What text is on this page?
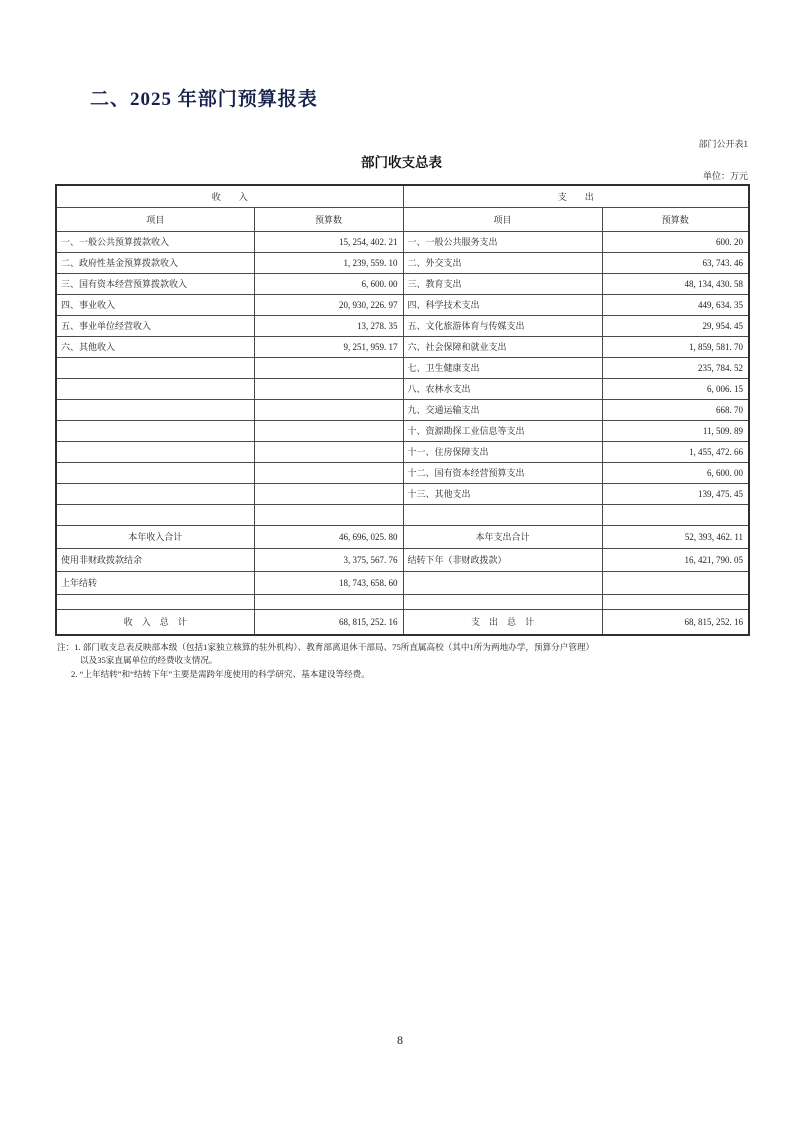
二、2025 年部门预算报表
部门公开表1
部门收支总表
单位：万元
收　　入		支　　出	
项目	预算数	项目	预算数
一、一般公共预算拨款收入	15, 254, 402. 21	一、一般公共服务支出	600. 20
二、政府性基金预算拨款收入	1, 239, 559. 10	二、外交支出	63, 743. 46
三、国有资本经营预算拨款收入	6, 600. 00	三、教育支出	48, 134, 430. 58
四、事业收入	20, 930, 226. 97	四、科学技术支出	449, 634. 35
五、事业单位经营收入	13, 278. 35	五、文化旅游体育与传媒支出	29, 954. 45
六、其他收入	9, 251, 959. 17	六、社会保障和就业支出	1, 859, 581. 70
		七、卫生健康支出	235, 784. 52
		八、农林水支出	6, 006. 15
		九、交通运输支出	668. 70
		十、资源勘探工业信息等支出	11, 509. 89
		十一、住房保障支出	1, 455, 472. 66
		十二、国有资本经营预算支出	6, 600. 00
		十三、其他支出	139, 475. 45

本年收入合计	46, 696, 025. 80	本年支出合计	52, 393, 462. 11
使用非财政拨款结余	3, 375, 567. 76	结转下年（非财政拨款）	16, 421, 790. 05
上年结转	18, 743, 658. 60		

收　入　总　计	68, 815, 252. 16	支　出　总　计	68, 815, 252. 16
注：1. 部门收支总表反映部本级（包括1家独立核算的驻外机构）、教育部离退休干部局、75所直属高校（其中1所为两地办学，预算分户管理）
以及35家直属单位的经费收支情况。
2. “上年结转”和“结转下年”主要是需跨年度使用的科学研究、基本建设等经费。
8
